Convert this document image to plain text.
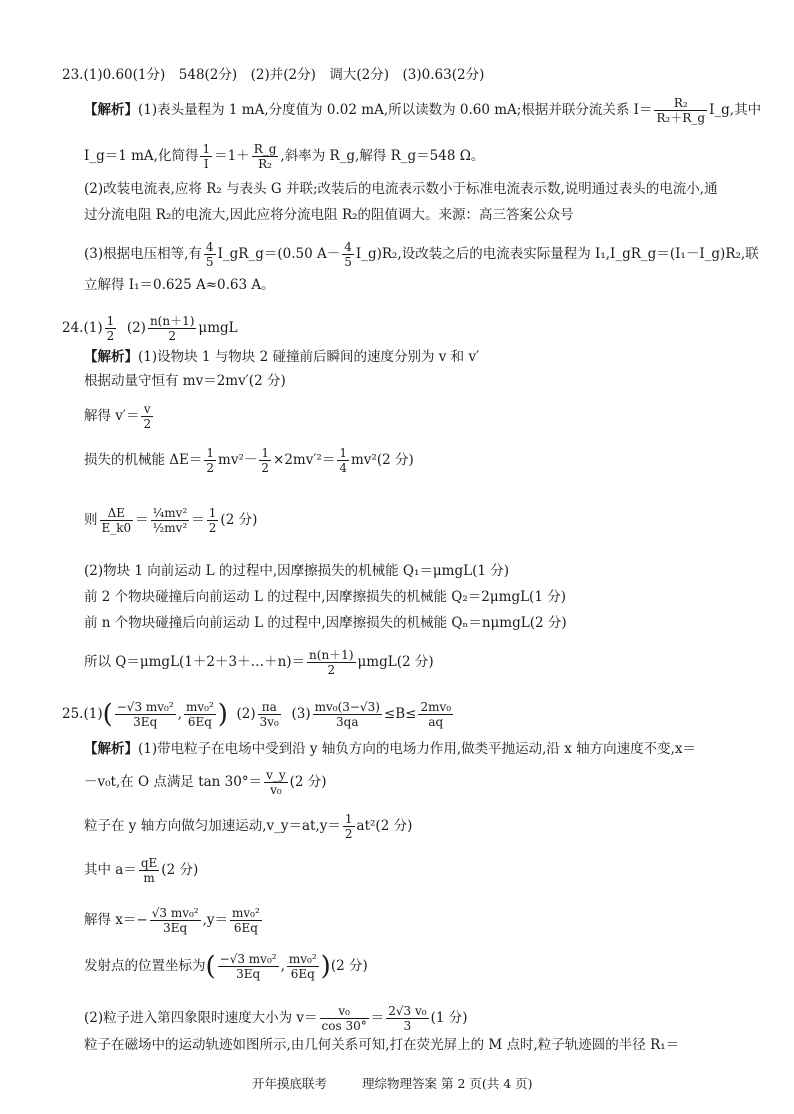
23.(1)0.60(1分)　548(2分)　(2)并(2分)　调大(2分)　(3)0.63(2分)
【解析】(1)表头量程为 1 mA,分度值为 0.02 mA,所以读数为 0.60 mA;根据并联分流关系 $I= \frac{\text{R₂}}{\text{R₂＋R\_g}}$ I_g,其中
I_g＝1 mA,化简得 $\frac{1}{I} =1+ \frac{R\_g}{\text{R₂}}$ ,斜率为 R_g,解得 R_g＝548 Ω。
(2)改装电流表,应将 R₂ 与表头 G 并联;改装后的电流表示数小于标准电流表示数,说明通过表头的电流小,通
过分流电阻 R₂的电流大,因此应将分流电阻 R₂的阻值调大。来源：高三答案公众号
(3)根据电压相等,有 $\frac{4}{5}$ I_gR_g＝(0.50 $A- \frac{4}{5}$ I_g)R₂,设改装之后的电流表实际量程为 I₁,I_gR_g＝(I₁－I_g)R₂,联
立解得 I₁＝0.625 A≈0.63 A。
$24.(1) \frac{1}{2} (2) \frac{n(n+1)}{2}$ μmgL
【解析】(1)设物块 1 与物块 2 碰撞前后瞬间的速度分别为 v 和 v′
根据动量守恒有 mv＝2mv′(2 分)
解得 $v'= \frac{v}{2}$
损失的机械能 $\Delta E= \frac{1}{2} mv^2- \frac{1}{2} \times 2mv'^2= \frac{1}{4} mv^2(2$ 分)
则 $\frac{\Delta E}{E\_k0} = \frac{\text{¼mv²}}{\text{½mv²}} = \frac{1}{2} (2$ 分)
(2)物块 1 向前运动 L 的过程中,因摩擦损失的机械能 Q₁＝μmgL(1 分)
前 2 个物块碰撞后向前运动 L 的过程中,因摩擦损失的机械能 Q₂＝2μmgL(1 分)
前 n 个物块碰撞后向前运动 L 的过程中,因摩擦损失的机械能 Qₙ＝nμmgL(2 分)
所以 Q＝μmgL(1＋2＋3＋…＋n)＝ $\frac{n(n+1)}{2} \mu mgL(2$ 分)
$25.(1)( \frac{\text{−√3 mv₀²}}{3Eq}$ , $\frac{\text{mv₀²}}{6Eq}$ ) $(2) \frac{\pi a}{\text{3v₀}} (3) \frac{\text{mv₀(3−√3)}}{3qa} \le B\le \frac{\text{2mv₀}}{aq}$
【解析】(1)带电粒子在电场中受到沿 y 轴负方向的电场力作用,做类平抛运动,沿 x 轴方向速度不变,x＝
－v₀t,在 O 点满足 $\tan 30^\circ= \frac{v\_y}{\text{v₀}} (2$ 分)
粒子在 y 轴方向做匀加速运动,v_y＝at,y＝ $\frac{1}{2} at^2(2$ 分)
其中 $a= \frac{qE}{m} (2$ 分)
解得 $x=- \frac{\text{√3 mv₀²}}{3Eq} ,y= \frac{\text{mv₀²}}{6Eq}$
发射点的位置坐标为( $\frac{\text{−√3 mv₀²}}{3Eq}$ , $\frac{\text{mv₀²}}{6Eq} )(2$ 分)
(2)粒子进入第四象限时速度大小为 $v= \frac{\text{v₀}}{\cos 30^\circ} = \frac{\text{2√3 v₀}}{3} (1$ 分)
粒子在磁场中的运动轨迹如图所示,由几何关系可知,打在荧光屏上的 M 点时,粒子轨迹圆的半径 R₁＝
开年摸底联考	理综物理答案 第 2 页(共 4 页)
